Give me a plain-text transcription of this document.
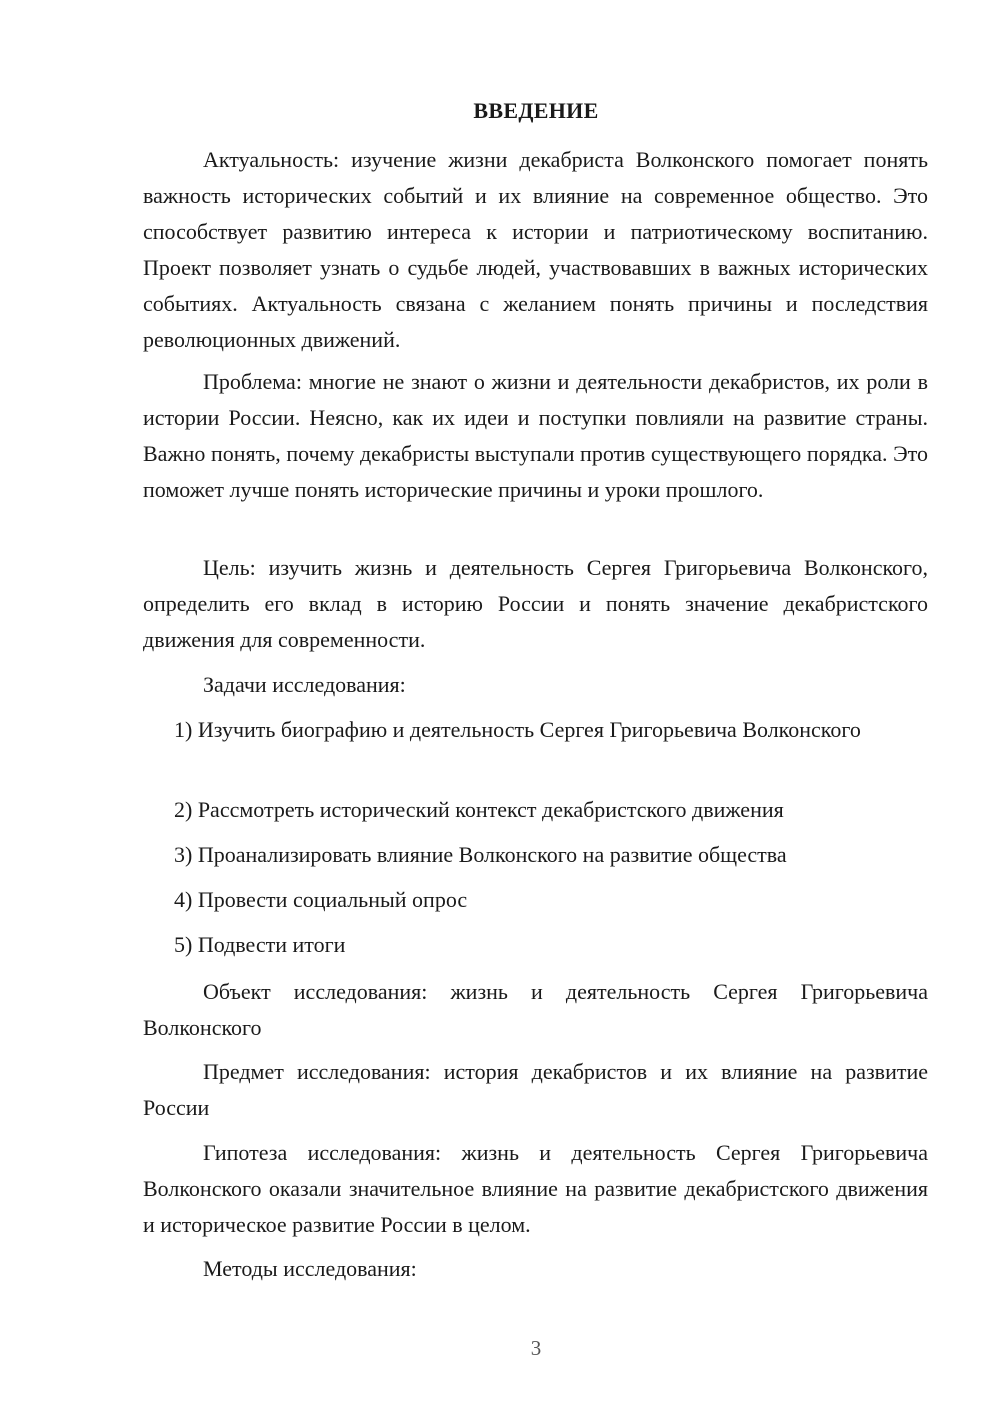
ВВЕДЕНИЕ

Актуальность: изучение жизни декабриста Волконского помогает понять важность исторических событий и их влияние на современное общество. Это способствует развитию интереса к истории и патриотическому воспитанию. Проект позволяет узнать о судьбе людей, участвовавших в важных исторических событиях. Актуальность связана с желанием понять причины и последствия революционных движений.

Проблема: многие не знают о жизни и деятельности декабристов, их роли в истории России. Неясно, как их идеи и поступки повлияли на развитие страны. Важно понять, почему декабристы выступали против существующего порядка. Это поможет лучше понять исторические причины и уроки прошлого.

Цель: изучить жизнь и деятельность Сергея Григорьевича Волконского, определить его вклад в историю России и понять значение декабристского движения для современности.

Задачи исследования:

1) Изучить биографию и деятельность Сергея Григорьевича Волконского

2) Рассмотреть исторический контекст декабристского движения

3) Проанализировать влияние Волконского на развитие общества

4) Провести социальный опрос

5) Подвести итоги

Объект исследования: жизнь и деятельность Сергея Григорьевича Волконского

Предмет исследования: история декабристов и их влияние на развитие России

Гипотеза исследования: жизнь и деятельность Сергея Григорьевича Волконского оказали значительное влияние на развитие декабристского движения и историческое развитие России в целом.

Методы исследования:

3
